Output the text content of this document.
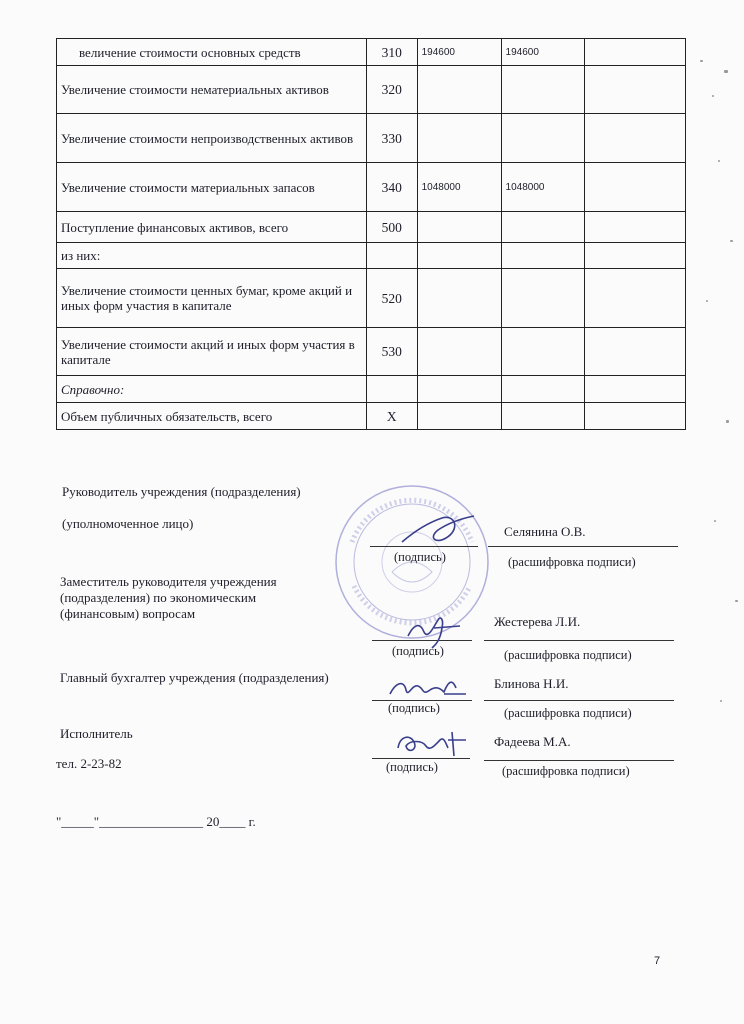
величение стоимости основных средств	310	194600	194600	
Увеличение стоимости нематериальных активов	320			
Увеличение стоимости непроизводственных активов	330			
Увеличение стоимости материальных запасов	340	1048000	1048000	
Поступление финансовых активов, всего	500			
из них:				
Увеличение стоимости ценных бумаг, кроме акций и иных форм участия в капитале	520			
Увеличение стоимости акций и иных форм участия в капитале	530			
Справочно:				
Объем публичных обязательств, всего	X			
Руководитель учреждения (подразделения)
(уполномоченное лицо)
Селянина О.В.
(подпись)	(расшифровка подписи)
Заместитель руководителя учреждения
(подразделения) по экономическим
(финансовым) вопросам
Жестерева Л.И.
(подпись)	(расшифровка подписи)
Главный бухгалтер учреждения (подразделения)	Блинова Н.И.
(подпись)	(расшифровка подписи)
Исполнитель
тел. 2-23-82
Фадеева М.А.
(подпись)	(расшифровка подписи)
"_____"________________ 20____ г.
7
